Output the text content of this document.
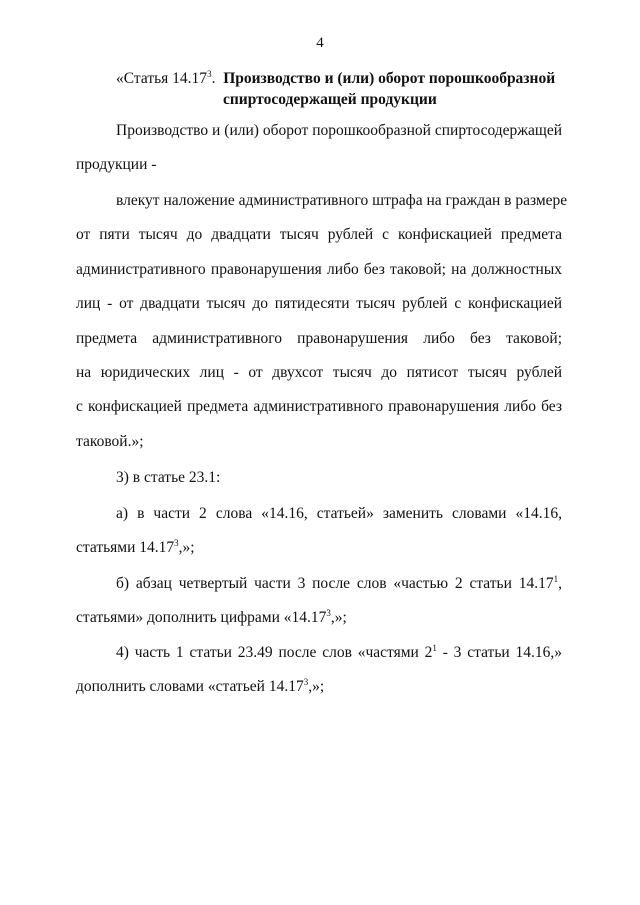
4
«Статья 14.17$^3$. Производство и (или) оборот порошкообразной
спиртосодержащей продукции
Производство и (или) оборот порошкообразной спиртосодержащей
продукции -
влекут наложение административного штрафа на граждан в размере
от пяти тысяч до двадцати тысяч рублей с конфискацией предмета
административного правонарушения либо без таковой; на должностных
лиц - от двадцати тысяч до пятидесяти тысяч рублей с конфискацией
предмета административного правонарушения либо без таковой;
на юридических лиц - от двухсот тысяч до пятисот тысяч рублей
с конфискацией предмета административного правонарушения либо без
таковой.»;
3) в статье 23.1:
а) в части 2 слова «14.16, статьей» заменить словами «14.16,
статьями 14.17$^3$,»;
б) абзац четвертый части 3 после слов «частью 2 статьи 14.17$^1$,
статьями» дополнить цифрами «14.17$^3$,»;
4) часть 1 статьи 23.49 после слов «частями $2^1 - 3$ статьи 14.16,»
дополнить словами «статьей 14.17$^3$,»;
